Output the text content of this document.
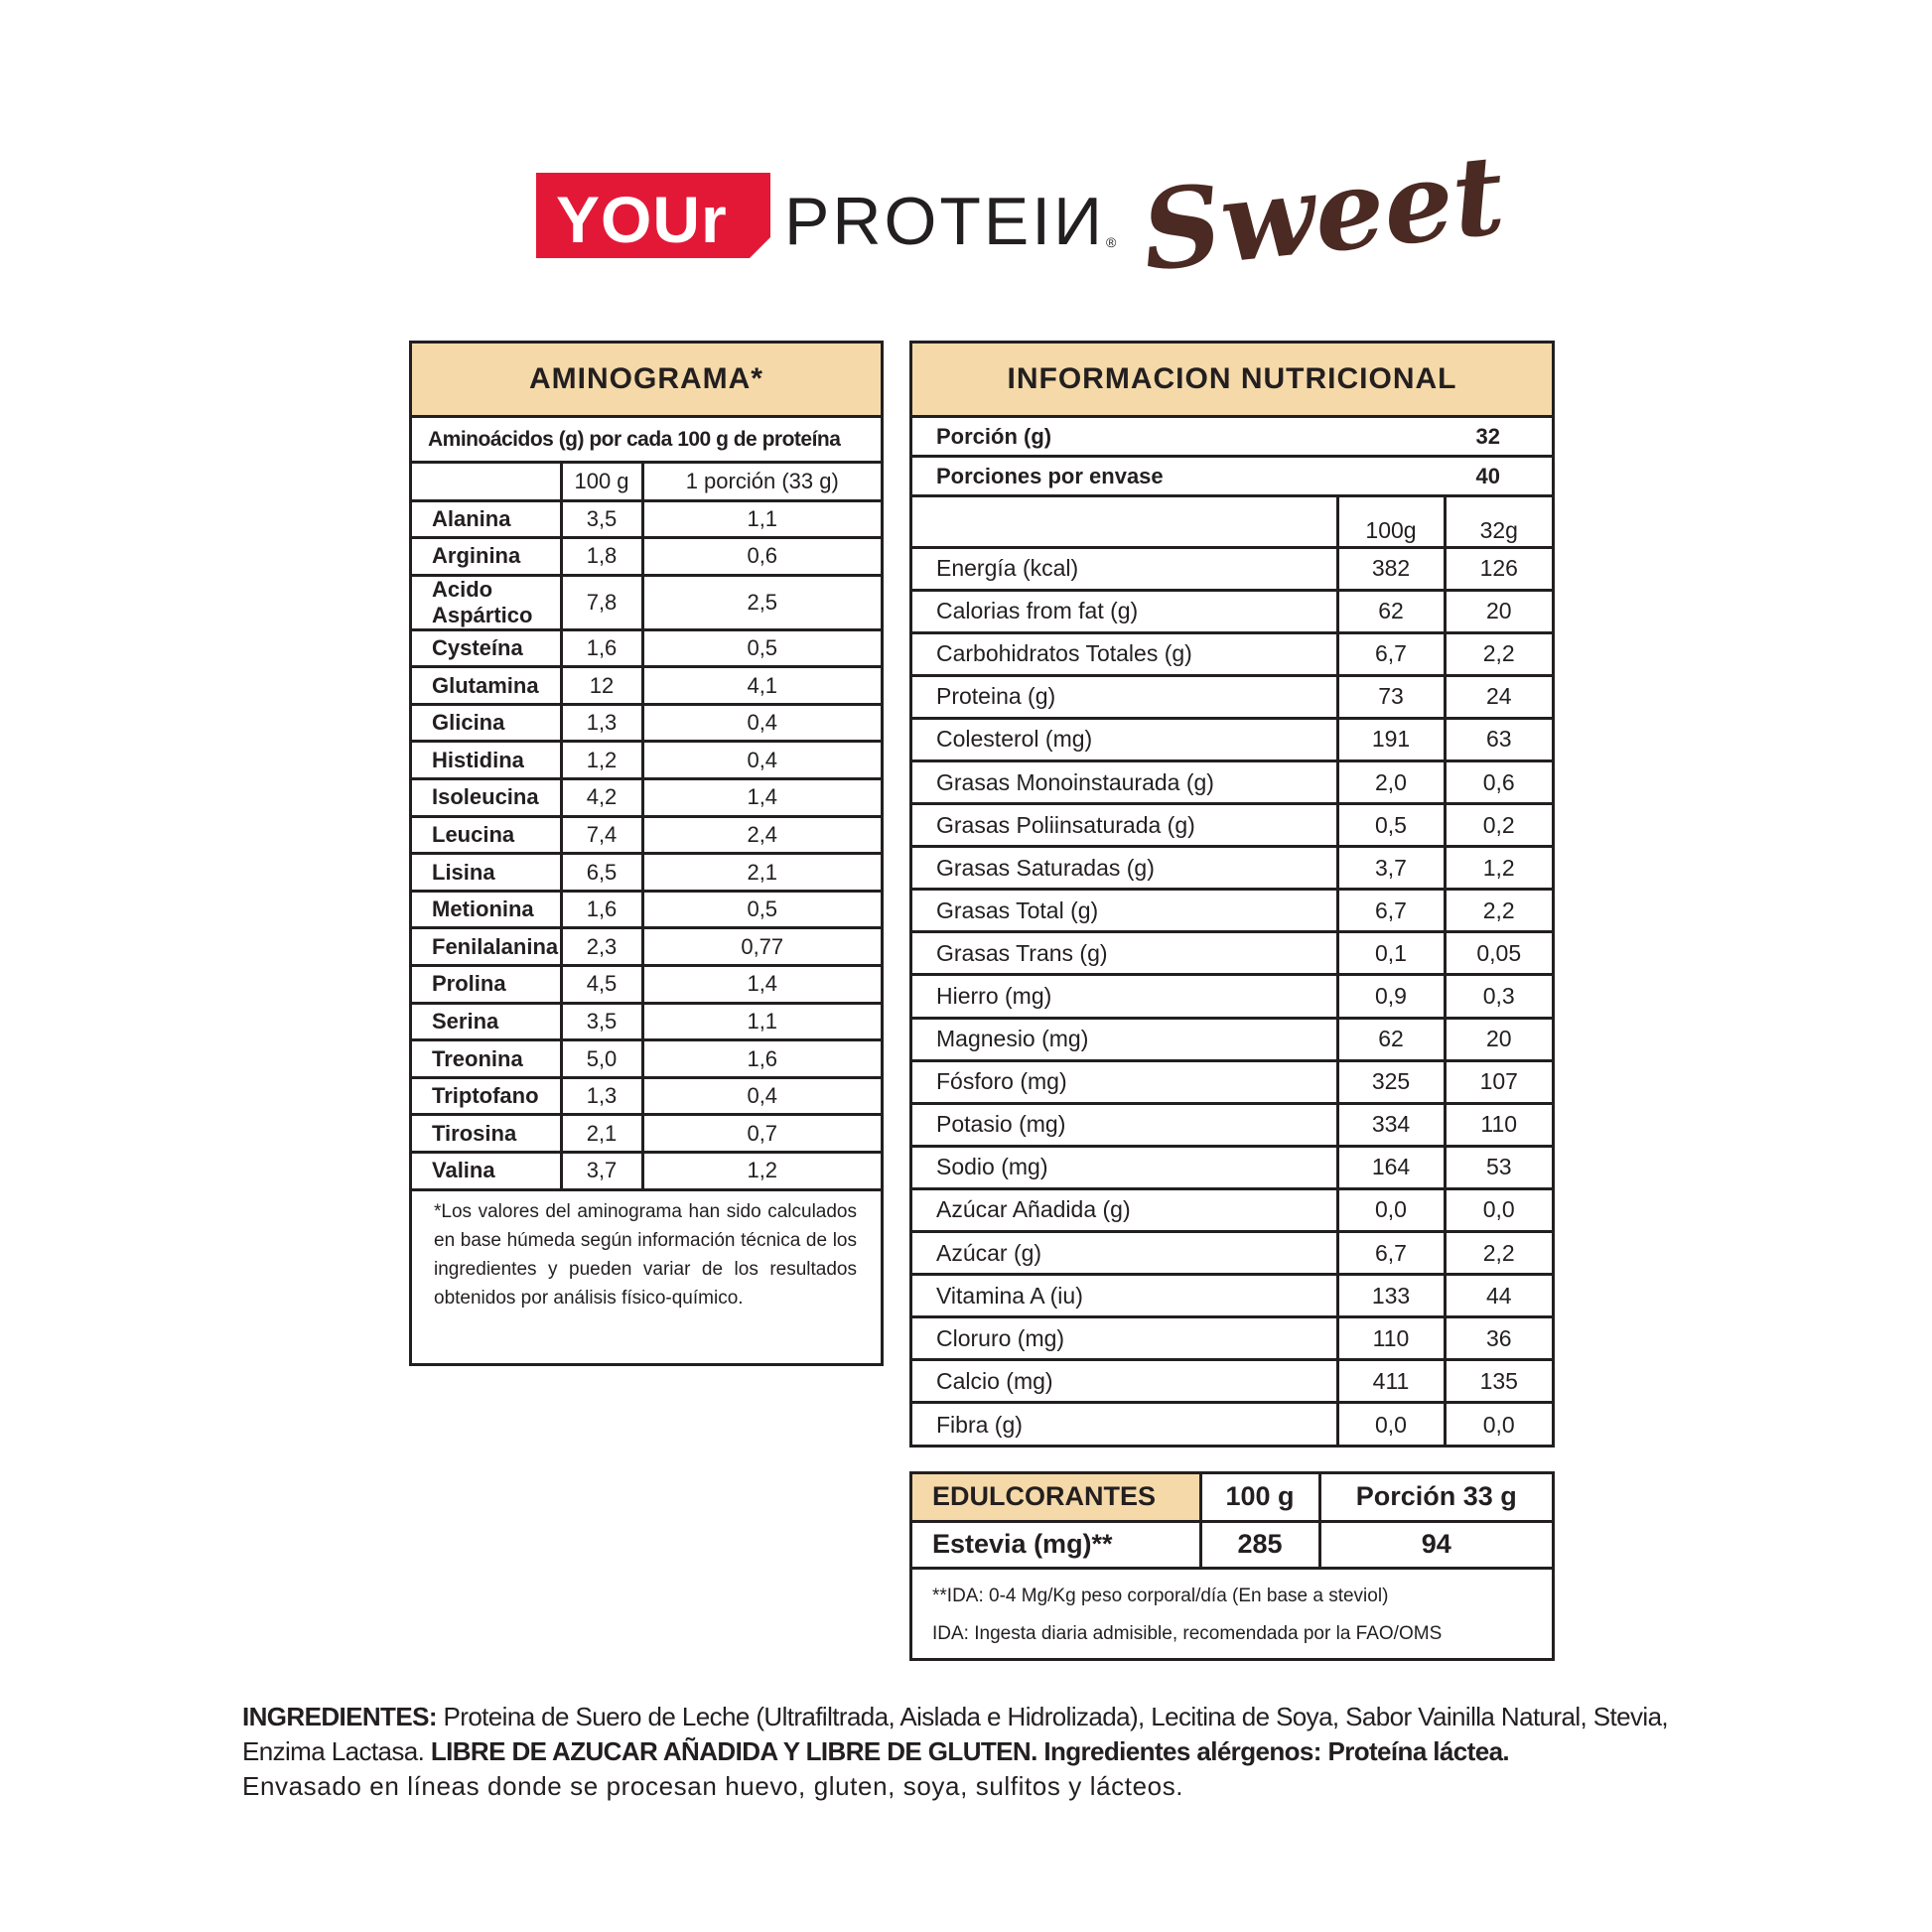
YOUr PROTEIИ ® Sweet
AMINOGRAMA*
Aminoácidos (g) por cada 100 g de proteína
	100 g	1 porción (33 g)
Alanina	3,5	1,1
Arginina	1,8	0,6
Acido Aspártico	7,8	2,5
Cysteína	1,6	0,5
Glutamina	12	4,1
Glicina	1,3	0,4
Histidina	1,2	0,4
Isoleucina	4,2	1,4
Leucina	7,4	2,4
Lisina	6,5	2,1
Metionina	1,6	0,5
Fenilalanina	2,3	0,77
Prolina	4,5	1,4
Serina	3,5	1,1
Treonina	5,0	1,6
Triptofano	1,3	0,4
Tirosina	2,1	0,7
Valina	3,7	1,2
*Los valores del aminograma han sido calculados en base húmeda según información técnica de los ingredientes y pueden variar de los resultados obtenidos por análisis físico-químico.
INFORMACION NUTRICIONAL
Porción (g)	32
Porciones por envase	40
	100g	32g
Energía (kcal)	382	126
Calorias from fat (g)	62	20
Carbohidratos Totales (g)	6,7	2,2
Proteina (g)	73	24
Colesterol (mg)	191	63
Grasas Monoinstaurada (g)	2,0	0,6
Grasas Poliinsaturada (g)	0,5	0,2
Grasas Saturadas (g)	3,7	1,2
Grasas Total (g)	6,7	2,2
Grasas Trans (g)	0,1	0,05
Hierro (mg)	0,9	0,3
Magnesio (mg)	62	20
Fósforo (mg)	325	107
Potasio (mg)	334	110
Sodio (mg)	164	53
Azúcar Añadida (g)	0,0	0,0
Azúcar (g)	6,7	2,2
Vitamina A (iu)	133	44
Cloruro (mg)	110	36
Calcio (mg)	411	135
Fibra (g)	0,0	0,0
EDULCORANTES	100 g	Porción 33 g
Estevia (mg)**	285	94
**IDA: 0-4 Mg/Kg peso corporal/día (En base a steviol)
IDA: Ingesta diaria admisible, recomendada por la FAO/OMS
INGREDIENTES: Proteina de Suero de Leche (Ultrafiltrada, Aislada e Hidrolizada), Lecitina de Soya, Sabor Vainilla Natural, Stevia, Enzima Lactasa. LIBRE DE AZUCAR AÑADIDA Y LIBRE DE GLUTEN. Ingredientes alérgenos: Proteína láctea.
Envasado en líneas donde se procesan huevo, gluten, soya, sulfitos y lácteos.
